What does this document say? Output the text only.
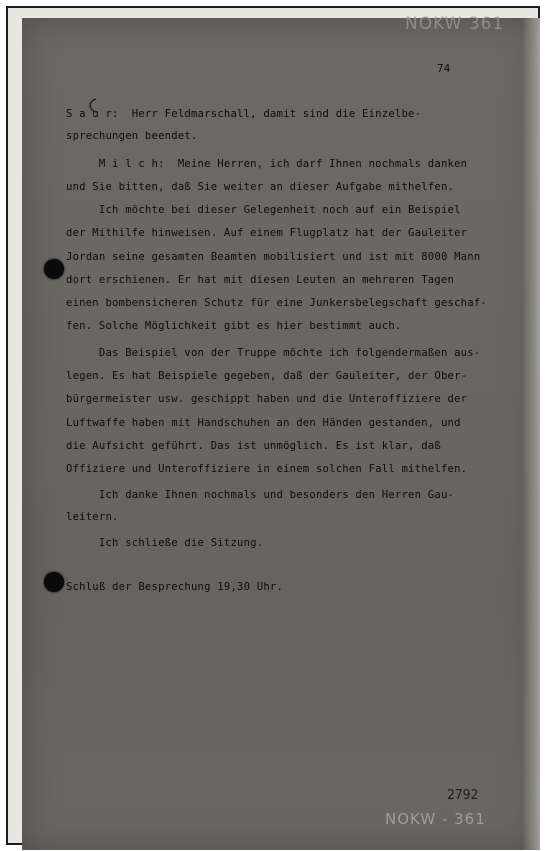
NOKW 361
74
S a u r:  Herr Feldmarschall, damit sind die Einzelbe-
sprechungen beendet.
M i l c h:  Meine Herren, ich darf Ihnen nochmals danken
und Sie bitten, daß Sie weiter an dieser Aufgabe mithelfen.
Ich möchte bei dieser Gelegenheit noch auf ein Beispiel
der Mithilfe hinweisen. Auf einem Flugplatz hat der Gauleiter
Jordan seine gesamten Beamten mobilisiert und ist mit 8000 Mann
dort erschienen. Er hat mit diesen Leuten an mehreren Tagen
einen bombensicheren Schutz für eine Junkersbelegschaft geschaf-
fen. Solche Möglichkeit gibt es hier bestimmt auch.
Das Beispiel von der Truppe möchte ich folgendermaßen aus-
legen. Es hat Beispiele gegeben, daß der Gauleiter, der Ober-
bürgermeister usw. geschippt haben und die Unteroffiziere der
Luftwaffe haben mit Handschuhen an den Händen gestanden, und
die Aufsicht geführt. Das ist unmöglich. Es ist klar, daß
Offiziere und Unteroffiziere in einem solchen Fall mithelfen.
Ich danke Ihnen nochmals und besonders den Herren Gau-
leitern.
Ich schließe die Sitzung.
Schluß der Besprechung 19,30 Uhr.
2792
NOKW - 361
